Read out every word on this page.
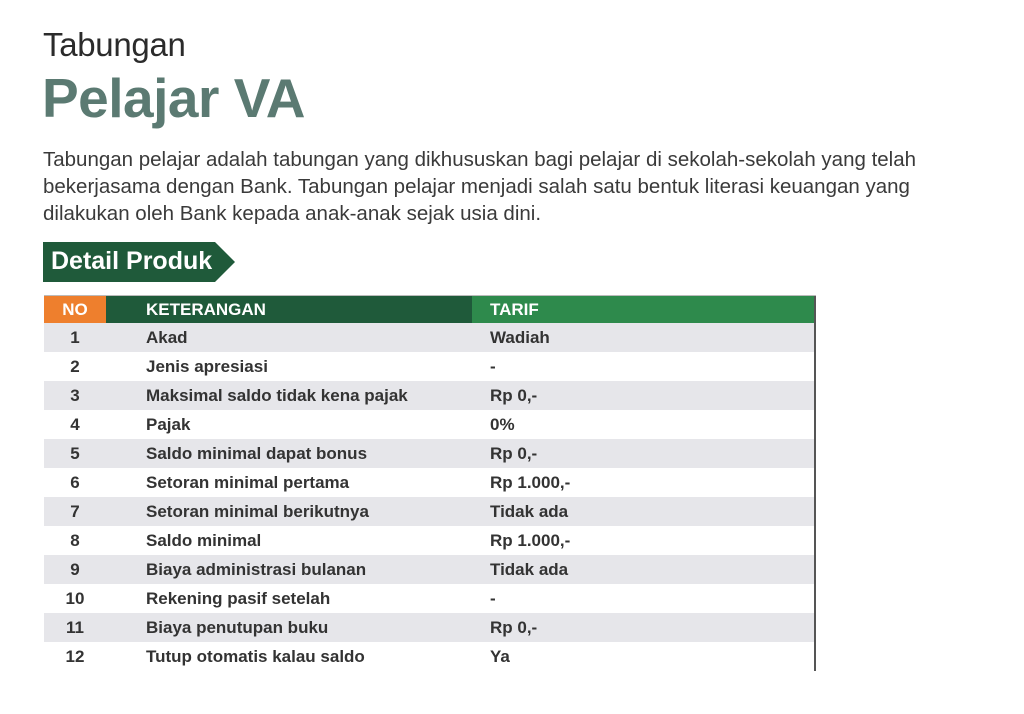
Tabungan
Pelajar VA
Tabungan pelajar adalah tabungan yang dikhususkan bagi pelajar di sekolah-sekolah yang telah bekerjasama dengan Bank. Tabungan pelajar menjadi salah satu bentuk literasi keuangan yang dilakukan oleh Bank kepada anak-anak sejak usia dini.
Detail Produk
NO	KETERANGAN	TARIF
1	Akad	Wadiah
2	Jenis apresiasi	-
3	Maksimal saldo tidak kena pajak	Rp 0,-
4	Pajak	0%
5	Saldo minimal dapat bonus	Rp 0,-
6	Setoran minimal pertama	Rp 1.000,-
7	Setoran minimal berikutnya	Tidak ada
8	Saldo minimal	Rp 1.000,-
9	Biaya administrasi bulanan	Tidak ada
10	Rekening pasif setelah	-
11	Biaya penutupan buku	Rp 0,-
12	Tutup otomatis kalau saldo	Ya
